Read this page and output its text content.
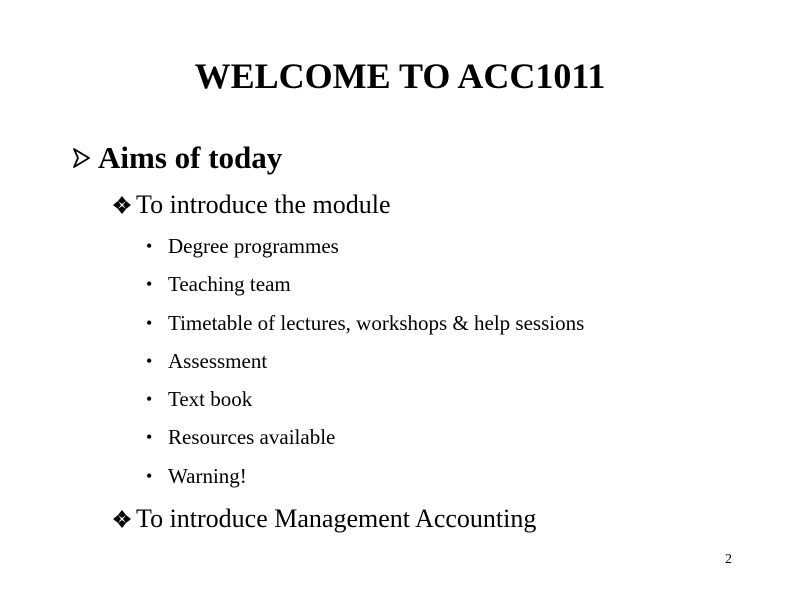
WELCOME TO ACC1011
Aims of today
To introduce the module
• Degree programmes
• Teaching team
• Timetable of lectures, workshops & help sessions
• Assessment
• Text book
• Resources available
• Warning!
To introduce Management Accounting
2
